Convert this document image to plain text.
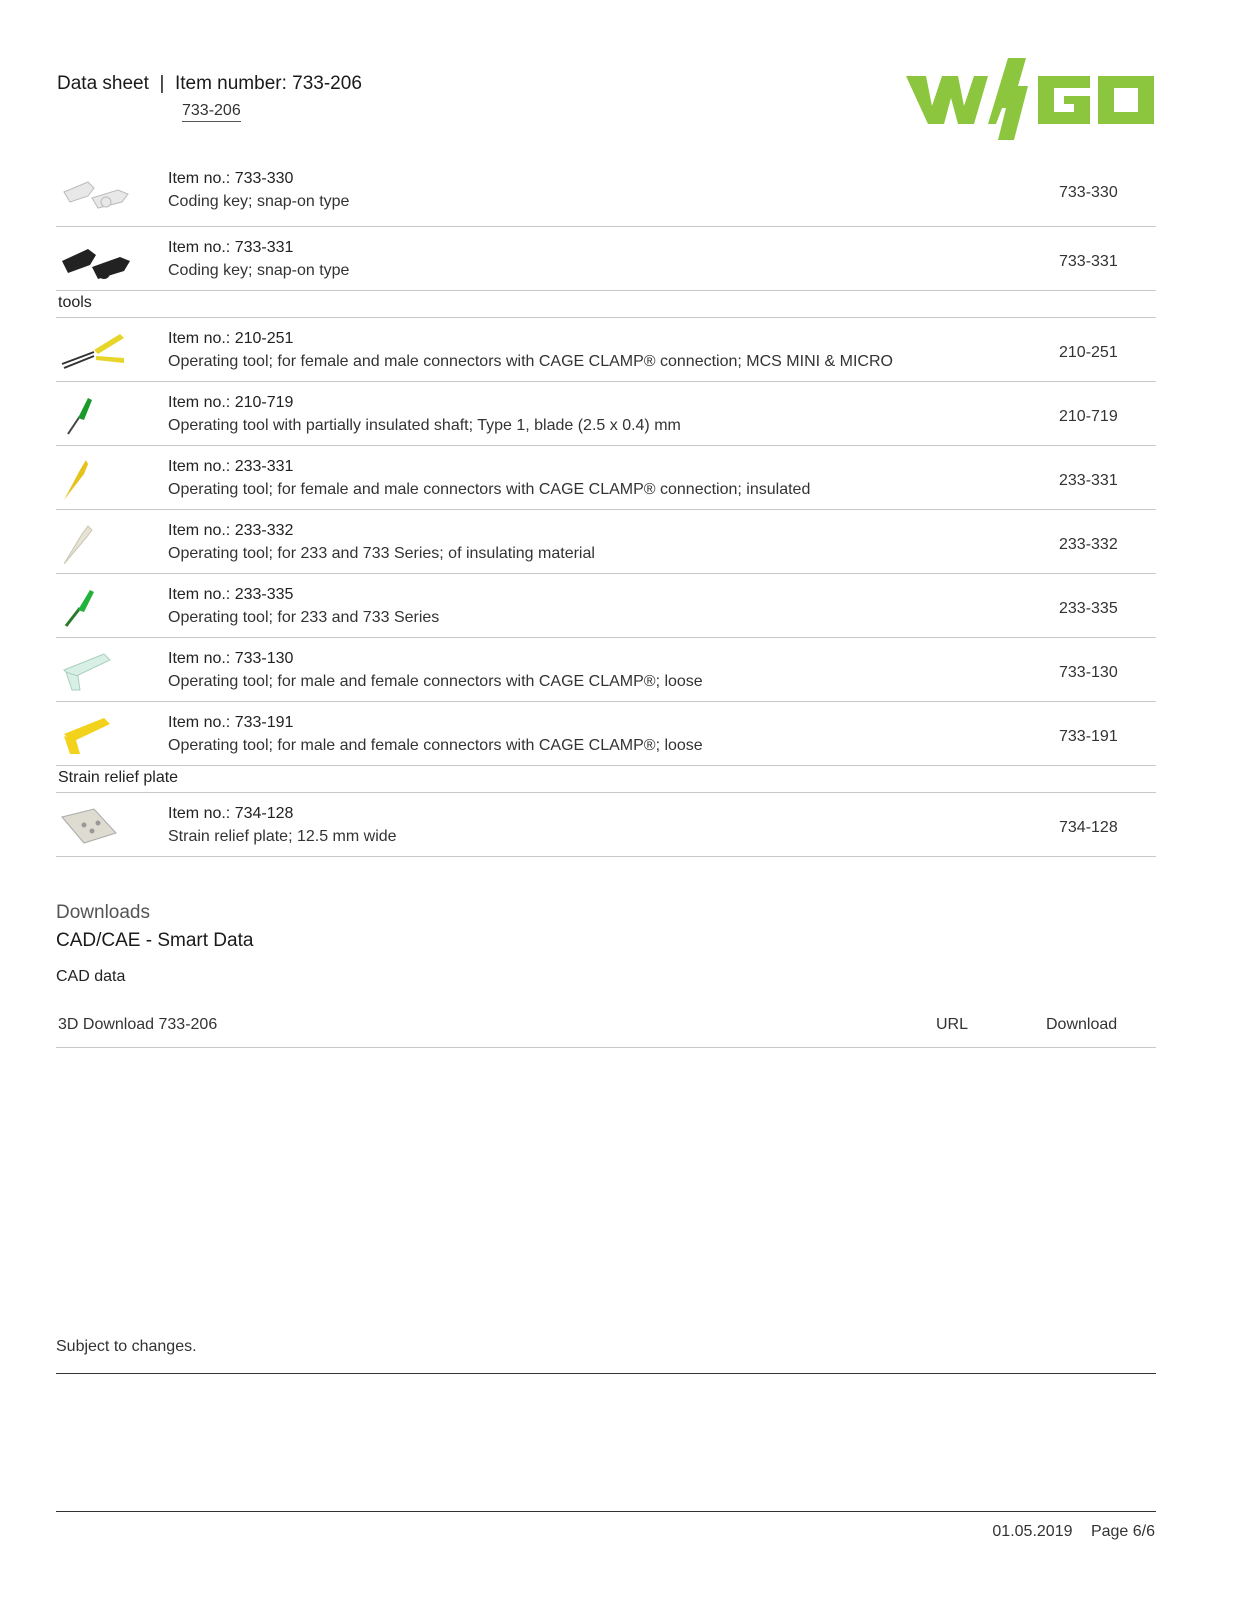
Data sheet  |  Item number: 733-206
733-206
Item no.: 733-330
Coding key; snap-on type
733-330
Item no.: 733-331
Coding key; snap-on type
733-331
tools
Item no.: 210-251
Operating tool; for female and male connectors with CAGE CLAMP® connection; MCS MINI & MICRO
210-251
Item no.: 210-719
Operating tool with partially insulated shaft; Type 1, blade (2.5 x 0.4) mm
210-719
Item no.: 233-331
Operating tool; for female and male connectors with CAGE CLAMP® connection; insulated
233-331
Item no.: 233-332
Operating tool; for 233 and 733 Series; of insulating material
233-332
Item no.: 233-335
Operating tool; for 233 and 733 Series
233-335
Item no.: 733-130
Operating tool; for male and female connectors with CAGE CLAMP®; loose
733-130
Item no.: 733-191
Operating tool; for male and female connectors with CAGE CLAMP®; loose
733-191
Strain relief plate
Item no.: 734-128
Strain relief plate; 12.5 mm wide
734-128
Downloads
CAD/CAE - Smart Data
CAD data
3D Download 733-206	URL	Download
Subject to changes.
01.05.2019 Page 6/6
